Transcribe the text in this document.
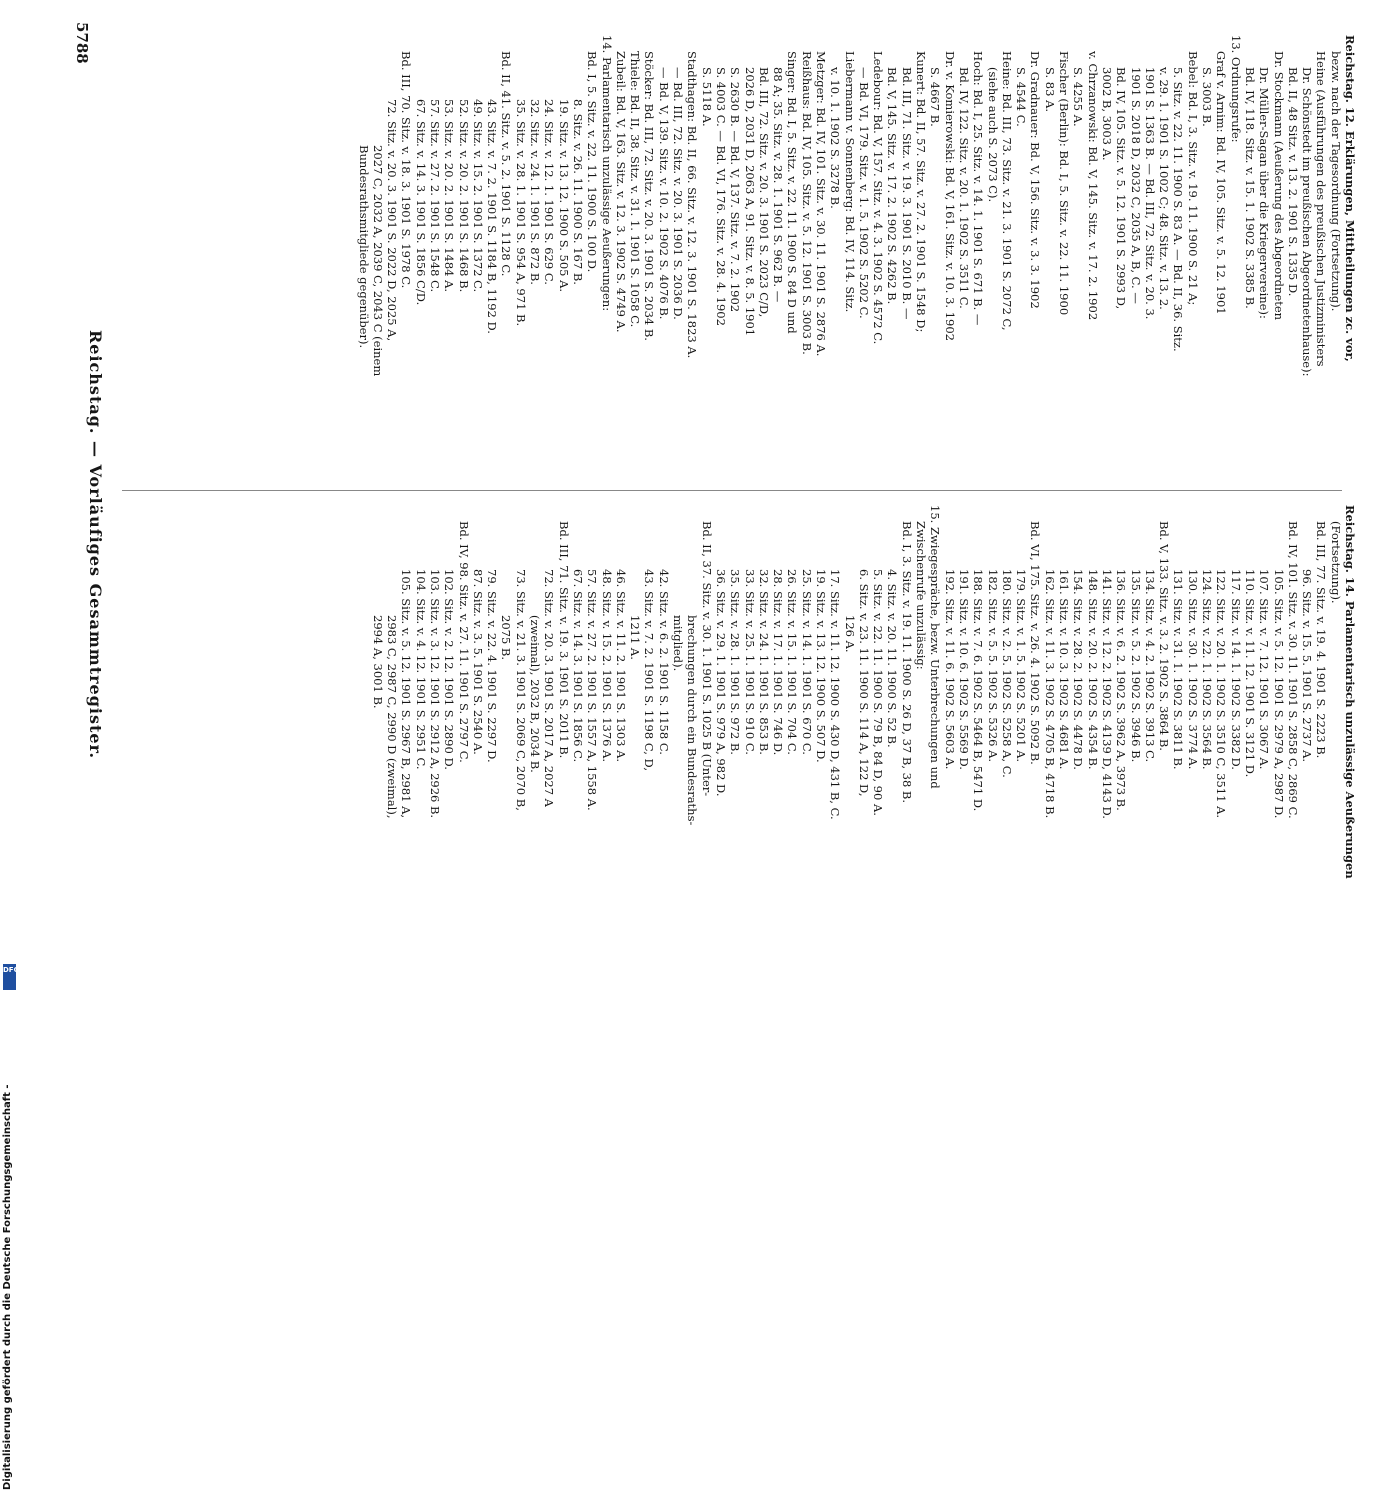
5788
Reichstag. — Vorläufiges Gesammtregister.
Reichstag. 12. Erklärungen, Mittheilungen zc. vor,
bezw. nach der Tagesordnung (Fortsetzung).
Heine (Ausführungen des preußischen Justizministers
Dr. Schönstedt im preußischen Abgeordnetenhause):
Bd. II, 48 Sitz. v. 13. 2. 1901 S. 1335 D.
Dr. Stockmann (Aeußerung des Abgeordneten
Dr. Müller-Sagan über die Kriegervereine):
Bd. IV, 118. Sitz. v. 15. 1. 1902 S. 3385 B.
13. Ordnungsrufe:
Graf v. Arnim: Bd. IV, 105. Sitz. v. 5. 12. 1901
S. 3003 B.
Bebel: Bd. I, 3. Sitz. v. 19. 11. 1900 S. 21 A;
5. Sitz. v. 22. 11. 1900 S. 83 A. — Bd. II, 36. Sitz.
v. 29. 1. 1901 S. 1002 C; 48. Sitz. v. 13. 2.
1901 S. 1363 B. — Bd. III, 72. Sitz. v. 20. 3.
1901 S. 2018 D, 2032 C, 2035 A, B, C. —
Bd. IV, 105. Sitz. v. 5. 12. 1901 S. 2993 D,
3002 B, 3003 A.
v. Chrzanowski: Bd. V, 145. Sitz. v. 17. 2. 1902
S. 4255 A.
Fischer (Berlin): Bd. I, 5. Sitz. v. 22. 11. 1900
S. 83 A.
Dr. Gradnauer: Bd. V, 156. Sitz. v. 3. 3. 1902
S. 4544 C.
Heine: Bd. III, 73. Sitz. v. 21. 3. 1901 S. 2072 C,
(siehe auch S. 2073 C).
Hoch: Bd. I, 25. Sitz. v. 14. 1. 1901 S. 671 B. —
Bd. IV, 122. Sitz. v. 20. 1. 1902 S. 3511 C.
Dr. v. Komierowski: Bd. V, 161. Sitz. v. 10. 3. 1902
S. 4667 B.
Kunert: Bd. II, 57. Sitz. v. 27. 2. 1901 S. 1548 D;
Bd. III, 71. Sitz. v. 19. 3. 1901 S. 2010 B. —
Bd. V, 145. Sitz. v. 17. 2. 1902 S. 4262 B.
Ledebour: Bd. V, 157. Sitz. v. 4. 3. 1902 S. 4572 C.
— Bd. VI, 179. Sitz. v. 1. 5. 1902 S. 5202 C.
Liebermann v. Sonnenberg: Bd. IV, 114. Sitz.
v. 10. 1. 1902 S. 3278 B.
Metzger: Bd. IV, 101. Sitz. v. 30. 11. 1901 S. 2876 A.
Reißhaus: Bd. IV, 105. Sitz. v. 5. 12. 1901 S. 3003 B.
Singer: Bd. I, 5. Sitz. v. 22. 11. 1900 S. 84 D und
88 A; 35. Sitz. v. 28. 1. 1901 S. 962 B. —
Bd. III, 72. Sitz. v. 20. 3. 1901 S. 2023 C/D,
2026 D, 2031 D, 2063 A, 91. Sitz. v. 8. 5. 1901
S. 2630 B. — Bd. V, 137. Sitz. v. 7. 2. 1902
S. 4003 C. — Bd. VI, 176. Sitz. v. 28. 4. 1902
S. 5118 A.
Stadthagen: Bd. II, 66. Sitz. v. 12. 3. 1901 S. 1823 A.
— Bd. III, 72. Sitz. v. 20. 3. 1901 S. 2036 D.
— Bd. V, 139. Sitz. v. 10. 2. 1902 S. 4076 B.
Stöcker: Bd. III, 72. Sitz. v. 20. 3. 1901 S. 2034 B.
Thiele: Bd. II, 38. Sitz. v. 31. 1. 1901 S. 1058 C.
Zubeil: Bd. V, 163. Sitz. v. 12. 3. 1902 S. 4749 A.
14. Parlamentarisch unzulässige Aeußerungen:
Bd. I, 5. Sitz. v. 22. 11. 1900 S. 100 D.
8. Sitz. v. 26. 11. 1900 S. 167 B.
19. Sitz. v. 13. 12. 1900 S. 505 A.
24. Sitz. v. 12. 1. 1901 S. 629 C.
32. Sitz. v. 24. 1. 1901 S. 872 B.
35. Sitz. v. 28. 1. 1901 S. 954 A, 971 B.
Bd. II, 41. Sitz. v. 5. 2. 1901 S. 1128 C.
43. Sitz. v. 7. 2. 1901 S. 1184 B, 1192 D.
49. Sitz. v. 15. 2. 1901 S. 1372 C.
52. Sitz. v. 20. 2. 1901 S. 1468 B.
53. Sitz. v. 20. 2. 1901 S. 1484 A.
57. Sitz. v. 27. 2. 1901 S. 1548 C.
67. Sitz. v. 14. 3. 1901 S. 1856 C/D.
Bd. III, 70. Sitz. v. 18. 3. 1901 S. 1978 C.
72. Sitz. v. 20. 3. 1901 S. 2022 D, 2025 A,
2027 C, 2032 A, 2039 C, 2043 C (einem
Bundesrathsmitgliede gegenüber).
Reichstag. 14. Parlamentarisch unzulässige Aeußerungen
(Fortsetzung).
Bd. III, 77. Sitz. v. 19. 4. 1901 S. 2223 B.
96. Sitz. v. 15. 5. 1901 S. 2737 A.
Bd. IV, 101. Sitz. v. 30. 11. 1901 S. 2858 C, 2869 C.
105. Sitz. v. 5. 12. 1901 S. 2979 A, 2987 D.
107. Sitz. v. 7. 12. 1901 S. 3067 A.
110. Sitz. v. 11. 12. 1901 S. 3121 D.
117. Sitz. v. 14. 1. 1902 S. 3382 D.
122. Sitz. v. 20. 1. 1902 S. 3510 C, 3511 A.
124. Sitz. v. 22. 1. 1902 S. 3564 B.
130. Sitz. v. 30. 1. 1902 S. 3774 A.
131. Sitz. v. 31. 1. 1902 S. 3811 B.
Bd. V, 133. Sitz. v. 3. 2. 1902 S. 3864 B.
134. Sitz. v. 4. 2. 1902 S. 3913 C.
135. Sitz. v. 5. 2. 1902 S. 3946 B.
136. Sitz. v. 6. 2. 1902 S. 3962 A, 3973 B.
141. Sitz. v. 12. 2. 1902 S. 4139 D, 4143 D.
148. Sitz. v. 20. 2. 1902 S. 4354 B.
154. Sitz. v. 28. 2. 1902 S. 4478 D.
161. Sitz. v. 10. 3. 1902 S. 4681 A.
162. Sitz. v. 11. 3. 1902 S. 4705 B, 4718 B.
Bd. VI, 175. Sitz. v. 26. 4. 1902 S. 5092 B.
179. Sitz. v. 1. 5. 1902 S. 5201 A.
180. Sitz. v. 2. 5. 1902 S. 5258 A, C.
182. Sitz. v. 5. 5. 1902 S. 5326 A.
188. Sitz. v. 7. 6. 1902 S. 5464 B, 5471 D.
191. Sitz. v. 10. 6. 1902 S. 5569 D.
192. Sitz. v. 11. 6. 1902 S. 5603 A.
15. Zwiegespräche, bezw. Unterbrechungen und
Zwischenrufe unzulässig:
Bd. I, 3. Sitz. v. 19. 11. 1900 S. 26 D, 37 B, 38 B.
4. Sitz. v. 20. 11. 1900 S. 52 B.
5. Sitz. v. 22. 11. 1900 S. 79 B, 84 D, 90 A.
6. Sitz. v. 23. 11. 1900 S. 114 A, 122 D,
126 A.
17. Sitz. v. 11. 12. 1900 S. 430 D, 431 B, C.
19. Sitz. v. 13. 12. 1900 S. 507 D.
25. Sitz. v. 14. 1. 1901 S. 670 C.
26. Sitz. v. 15. 1. 1901 S. 704 C.
28. Sitz. v. 17. 1. 1901 S. 746 D.
32. Sitz. v. 24. 1. 1901 S. 853 B.
33. Sitz. v. 25. 1. 1901 S. 910 C.
35. Sitz. v. 28. 1. 1901 S. 972 B.
36. Sitz. v. 29. 1. 1901 S. 979 A, 982 D.
Bd. II, 37. Sitz. v. 30. 1. 1901 S. 1025 B (Unter-
brechungen durch ein Bundesraths-
mitglied).
42. Sitz. v. 6. 2. 1901 S. 1158 C.
43. Sitz. v. 7. 2. 1901 S. 1198 C, D,
1211 A.
46. Sitz. v. 11. 2. 1901 S. 1303 A.
48. Sitz. v. 15. 2. 1901 S. 1376 A.
57. Sitz. v. 27. 2. 1901 S. 1557 A, 1558 A.
67. Sitz. v. 14. 3. 1901 S. 1856 C.
Bd. III, 71. Sitz. v. 19. 3. 1901 S. 2011 B.
72. Sitz. v. 20. 3. 1901 S. 2017 A, 2027 A
(zweimal), 2032 B, 2034 B.
73. Sitz. v. 21. 3. 1901 S. 2069 C, 2070 B,
2075 B.
79. Sitz. v. 22. 4. 1901 S. 2297 D.
87. Sitz. v. 3. 5. 1901 S. 2540 A.
Bd. IV, 98. Sitz. v. 27. 11. 1901 S. 2797 C.
102. Sitz. v. 2. 12. 1901 S. 2890 D.
103. Sitz. v. 3. 12. 1901 S. 2912 A, 2926 B.
104. Sitz. v. 4. 12. 1901 S. 2951 C.
105. Sitz. v. 5. 12. 1901 S. 2967 B, 2981 A,
2983 C, 2987 C, 2990 D (zweimal),
2994 A, 3001 B.
Digitalisierung gefördert durch die Deutsche Forschungsgemeinschaft -
DFG
